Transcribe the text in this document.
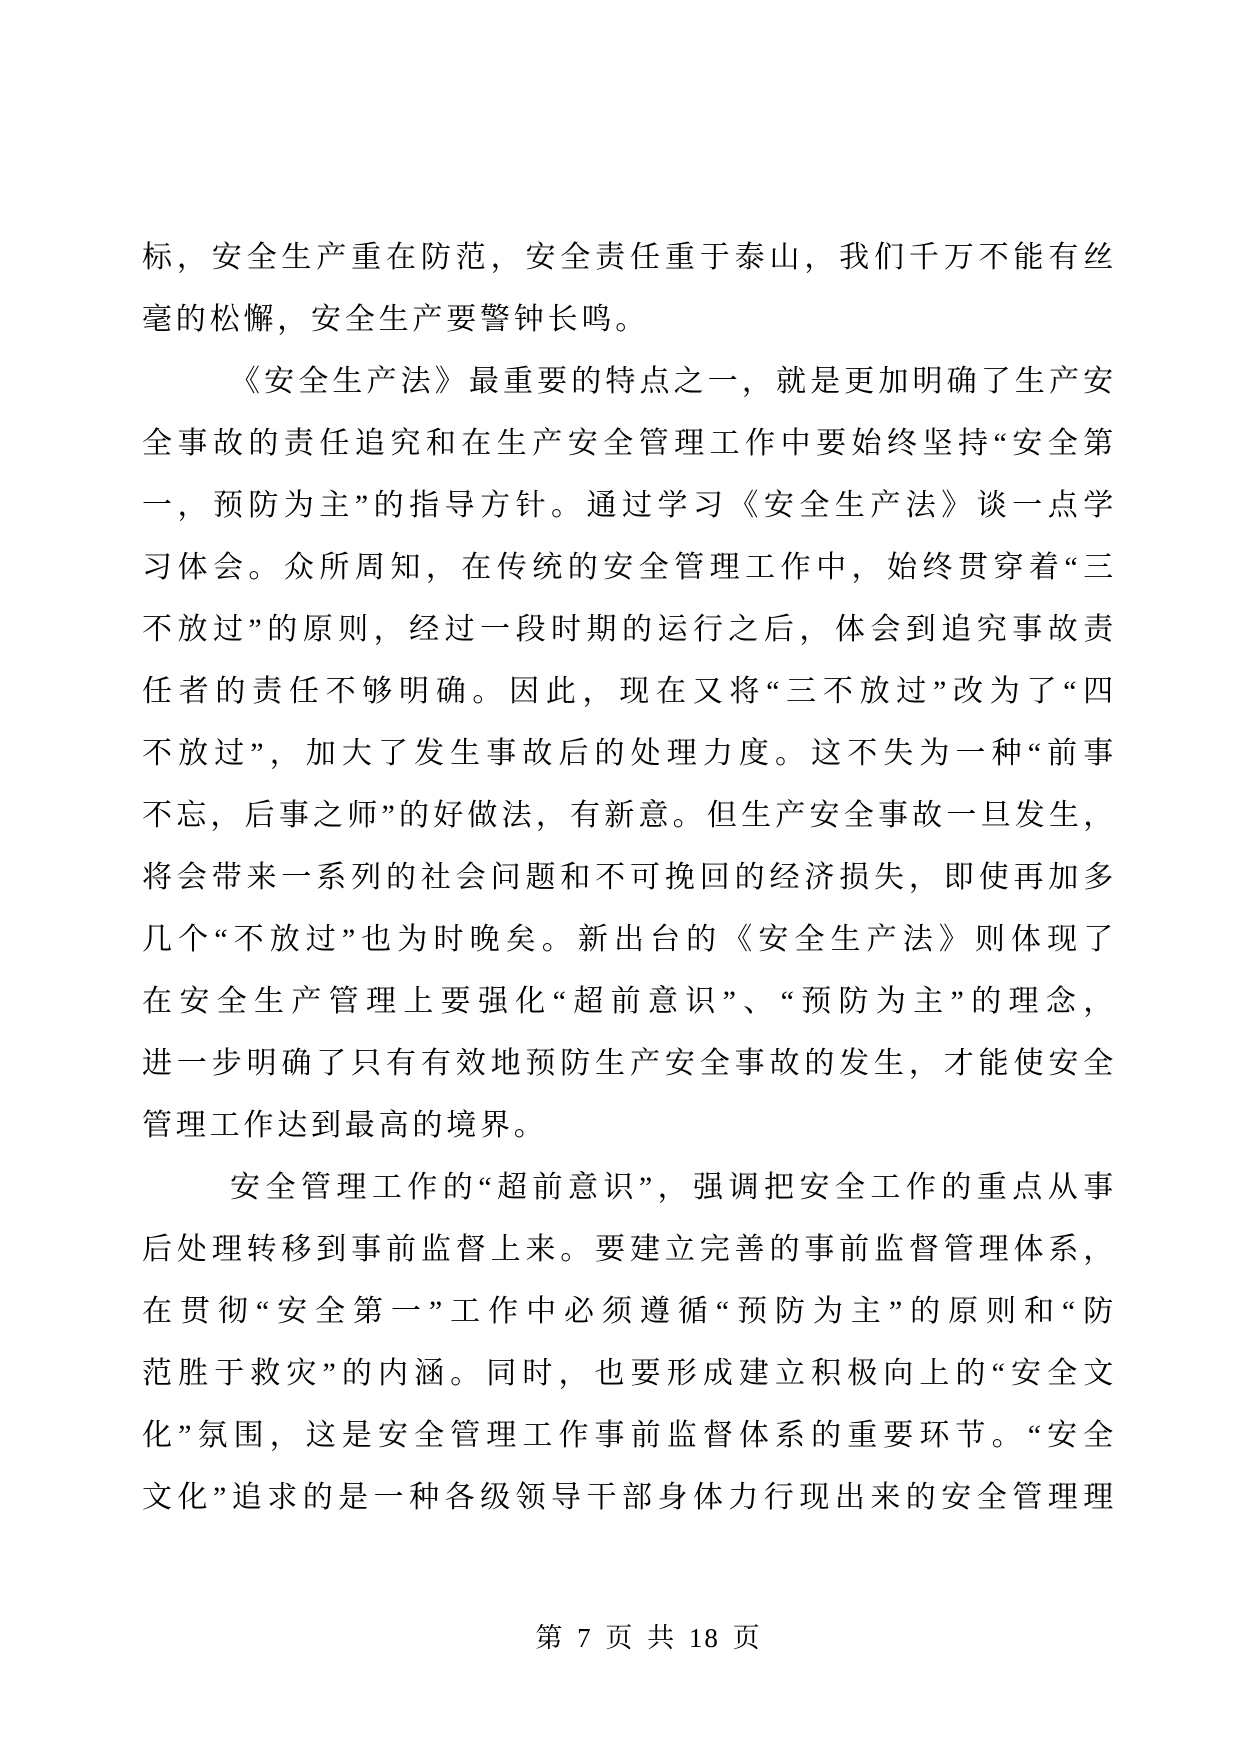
标，安全生产重在防范，安全责任重于泰山，我们千万不能有丝
毫的松懈，安全生产要警钟长鸣。
《安全生产法》最重要的特点之一，就是更加明确了生产安
全事故的责任追究和在生产安全管理工作中要始终坚持“安全第
一，预防为主”的指导方针。通过学习《安全生产法》谈一点学
习体会。众所周知，在传统的安全管理工作中，始终贯穿着“三
不放过”的原则，经过一段时期的运行之后，体会到追究事故责
任者的责任不够明确。因此，现在又将“三不放过”改为了“四
不放过”，加大了发生事故后的处理力度。这不失为一种“前事
不忘，后事之师”的好做法，有新意。但生产安全事故一旦发生，
将会带来一系列的社会问题和不可挽回的经济损失，即使再加多
几个“不放过”也为时晚矣。新出台的《安全生产法》则体现了
在安全生产管理上要强化“超前意识”、“预防为主”的理念，
进一步明确了只有有效地预防生产安全事故的发生，才能使安全
管理工作达到最高的境界。
安全管理工作的“超前意识”，强调把安全工作的重点从事
后处理转移到事前监督上来。要建立完善的事前监督管理体系，
在贯彻“安全第一”工作中必须遵循“预防为主”的原则和“防
范胜于救灾”的内涵。同时，也要形成建立积极向上的“安全文
化”氛围，这是安全管理工作事前监督体系的重要环节。“安全
文化”追求的是一种各级领导干部身体力行现出来的安全管理理
第 7 页 共 18 页
